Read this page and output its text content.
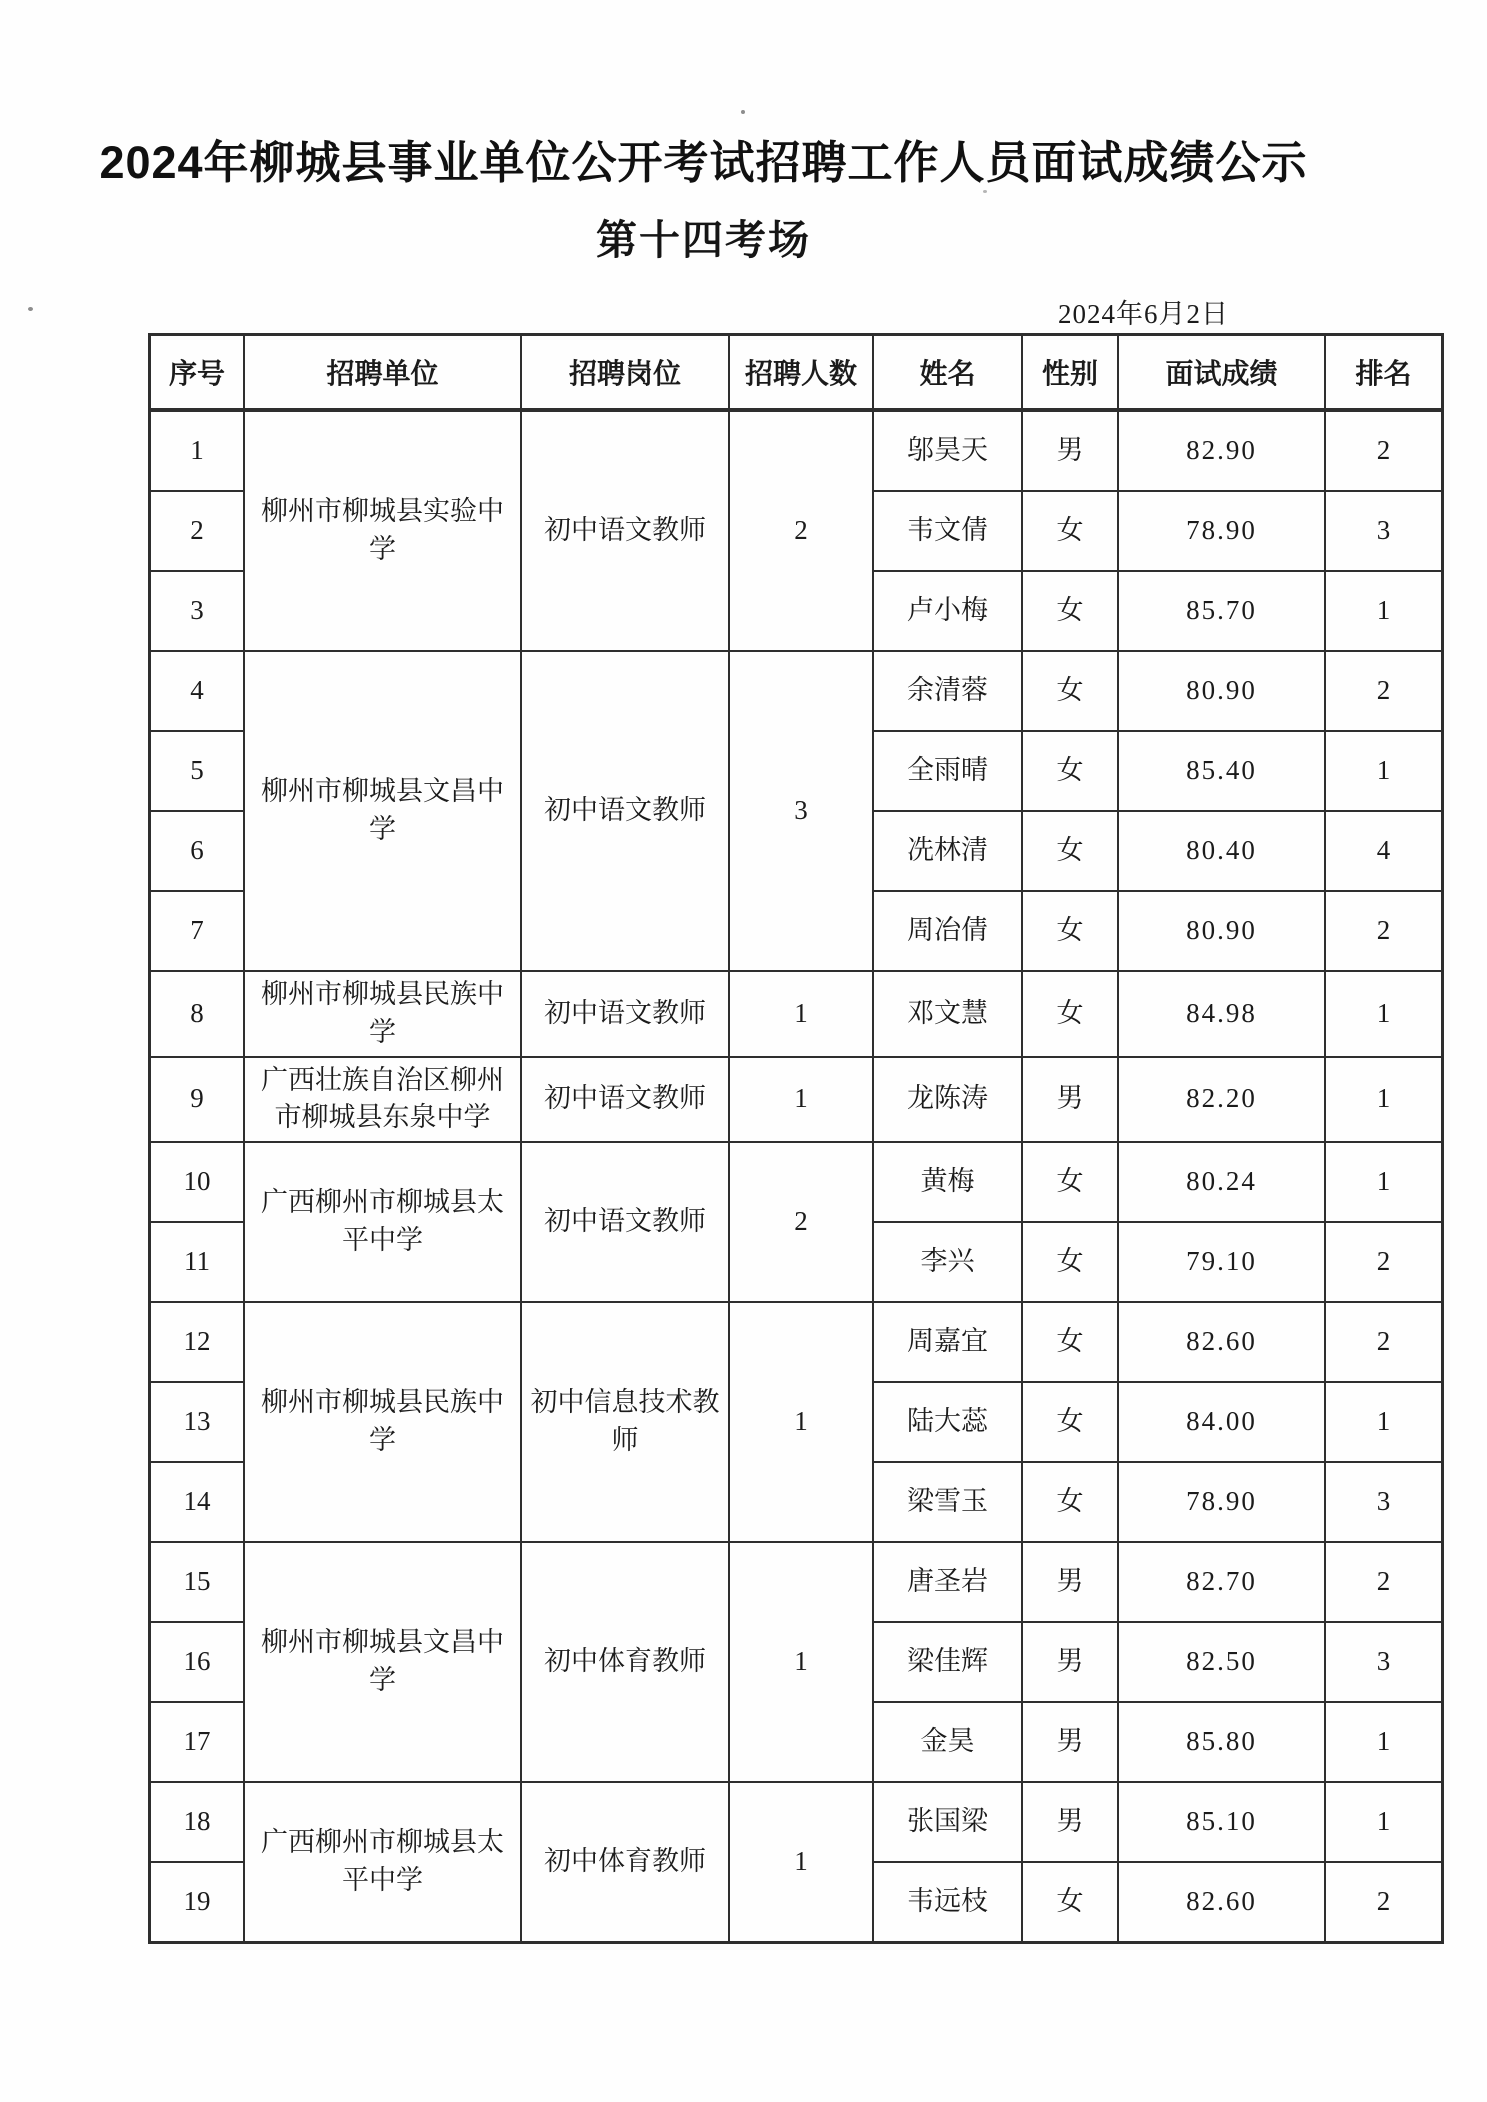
2024年柳城县事业单位公开考试招聘工作人员面试成绩公示
第十四考场
2024年6月2日
序号	招聘单位	招聘岗位	招聘人数	姓名	性别	面试成绩	排名
1	柳州市柳城县实验中学	初中语文教师	2	邬昊天	男	82.90	2
2				韦文倩	女	78.90	3
3				卢小梅	女	85.70	1
4	柳州市柳城县文昌中学	初中语文教师	3	余清蓉	女	80.90	2
5				全雨晴	女	85.40	1
6				冼林清	女	80.40	4
7				周冶倩	女	80.90	2
8	柳州市柳城县民族中学	初中语文教师	1	邓文慧	女	84.98	1
9	广西壮族自治区柳州市柳城县东泉中学	初中语文教师	1	龙陈涛	男	82.20	1
10	广西柳州市柳城县太平中学	初中语文教师	2	黄梅	女	80.24	1
11				李兴	女	79.10	2
12	柳州市柳城县民族中学	初中信息技术教师	1	周嘉宜	女	82.60	2
13				陆大蕊	女	84.00	1
14				梁雪玉	女	78.90	3
15	柳州市柳城县文昌中学	初中体育教师	1	唐圣岩	男	82.70	2
16				梁佳辉	男	82.50	3
17				金昊	男	85.80	1
18	广西柳州市柳城县太平中学	初中体育教师	1	张国梁	男	85.10	1
19				韦远枝	女	82.60	2
